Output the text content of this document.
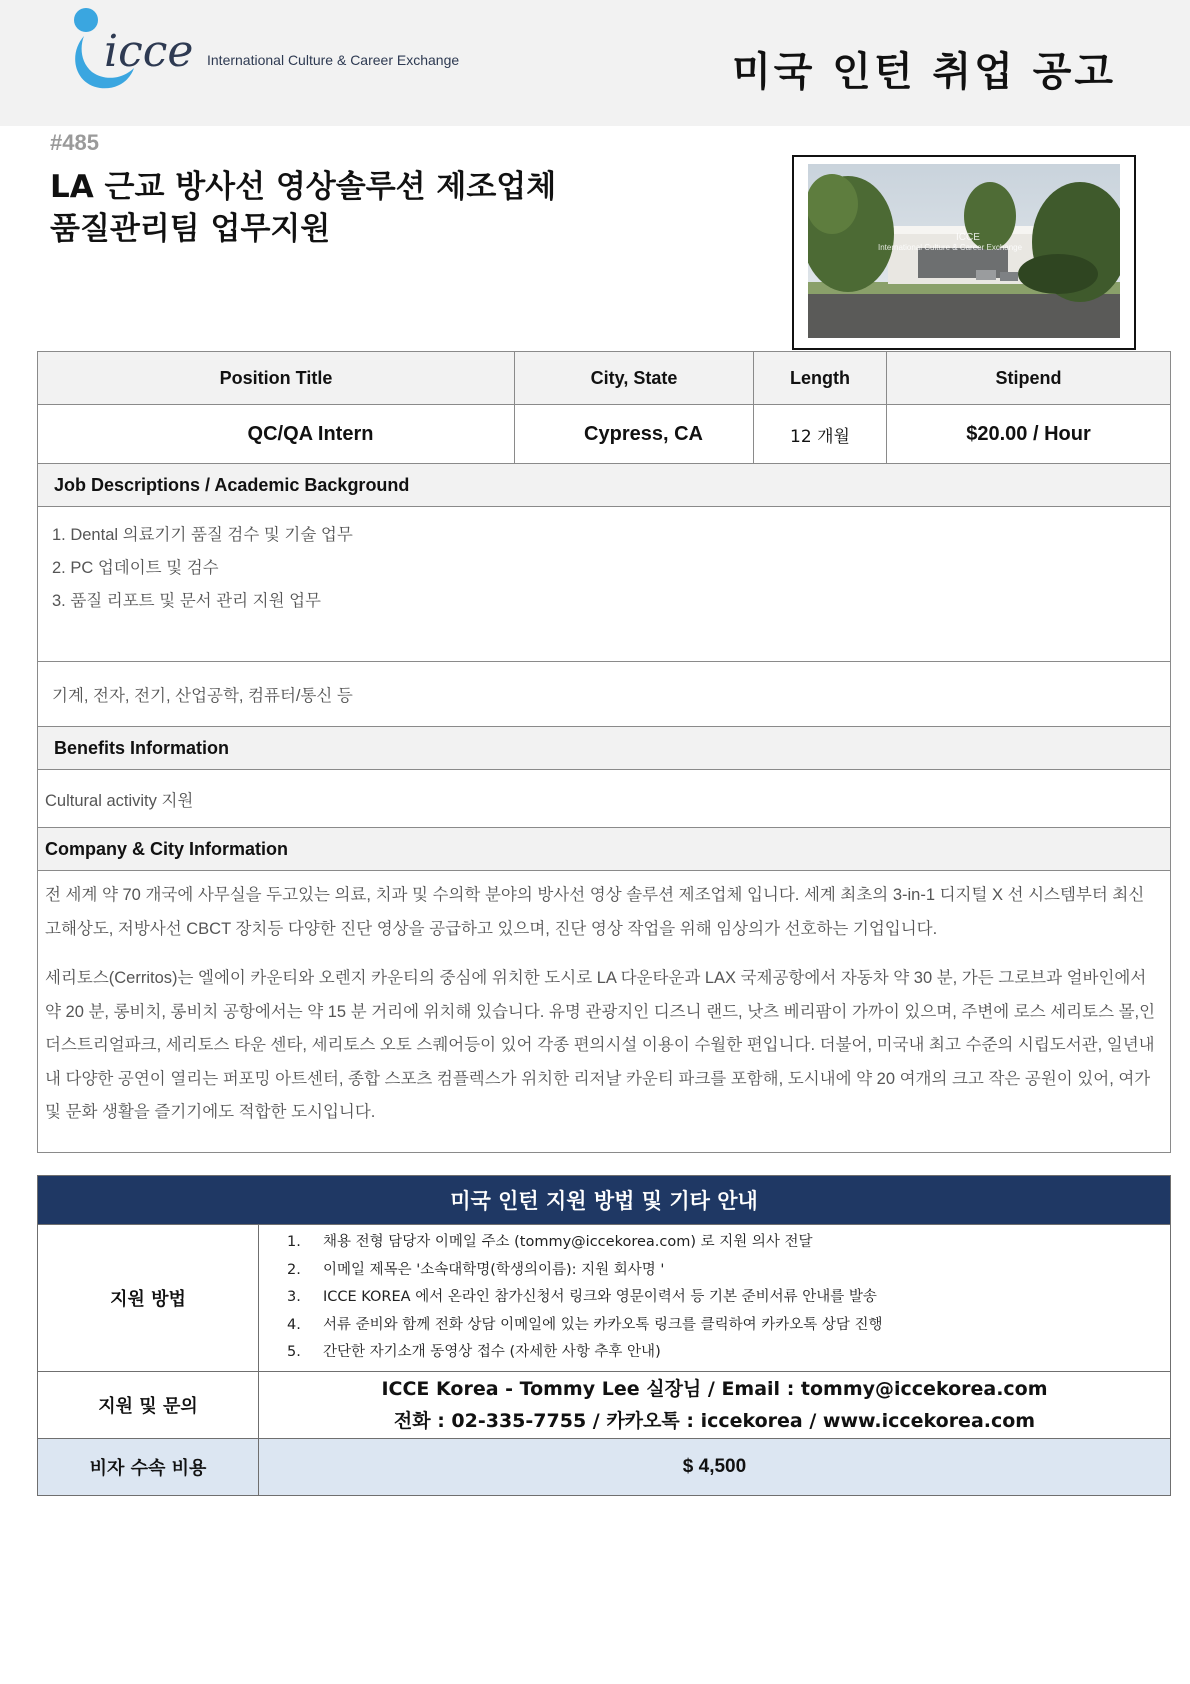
icce International Culture & Career Exchange	미국 인턴 취업 공고
#485
LA 근교 방사선 영상솔루션 제조업체
품질관리팀 업무지원	ICCE
International Culture & Career Exchange
Position Title	City, State	Length	Stipend
QC/QA Intern	Cypress, CA	12 개월	$20.00 / Hour
Job Descriptions / Academic Background			

1. Dental 의료기기 품질 검수 및 기술 업무
2. PC 업데이트 및 검수
3. 품질 리포트 및 문서 관리 지원 업무			

기계, 전자, 전기, 산업공학, 컴퓨터/통신 등			
Benefits Information			
Cultural activity 지원			
Company & City Information			

전 세계 약 70 개국에 사무실을 두고있는 의료, 치과 및 수의학 분야의 방사선 영상 솔루션 제조업체 입니다. 세계 최초의 3-in-1 디지털 X 선 시스템부터 최신 고해상도, 저방사선 CBCT 장치등 다양한 진단 영상을 공급하고 있으며, 진단 영상 작업을 위해 임상의가 선호하는 기업입니다.

세리토스(Cerritos)는 엘에이 카운티와 오렌지 카운티의 중심에 위치한 도시로 LA 다운타운과 LAX 국제공항에서 자동차 약 30 분, 가든 그로브과 얼바인에서 약 20 분, 롱비치, 롱비치 공항에서는 약 15 분 거리에 위치해 있습니다. 유명 관광지인 디즈니 랜드, 낫츠 베리팜이 가까이 있으며, 주변에 로스 세리토스 몰,인더스트리얼파크, 세리토스 타운 센타, 세리토스 오토 스퀘어등이 있어 각종 편의시설 이용이 수월한 편입니다. 더불어, 미국내 최고 수준의 시립도서관, 일년내내 다양한 공연이 열리는 퍼포밍 아트센터, 종합 스포츠 컴플렉스가 위치한 리저날 카운티 파크를 포함해, 도시내에 약 20 여개의 크고 작은 공원이 있어, 여가 및 문화 생활을 즐기기에도 적합한 도시입니다.			

미국 인턴 지원 방법 및 기타 안내	
지원 방법	1. 채용 전형 담당자 이메일 주소 (tommy@iccekorea.com) 로 지원 의사 전달
2. 이메일 제목은 '소속대학명(학생의이름): 지원 회사명 '
3. ICCE KOREA 에서 온라인 참가신청서 링크와 영문이력서 등 기본 준비서류 안내를 발송
4. 서류 준비와 함께 전화 상담 이메일에 있는 카카오톡 링크를 클릭하여 카카오톡 상담 진행
5. 간단한 자기소개 동영상 접수 (자세한 사항 추후 안내)

지원 및 문의	ICCE Korea - Tommy Lee 실장님 / Email : tommy@iccekorea.com
전화 : 02-335-7755 / 카카오톡 : iccekorea / www.iccekorea.com

비자 수속 비용	$ 4,500
